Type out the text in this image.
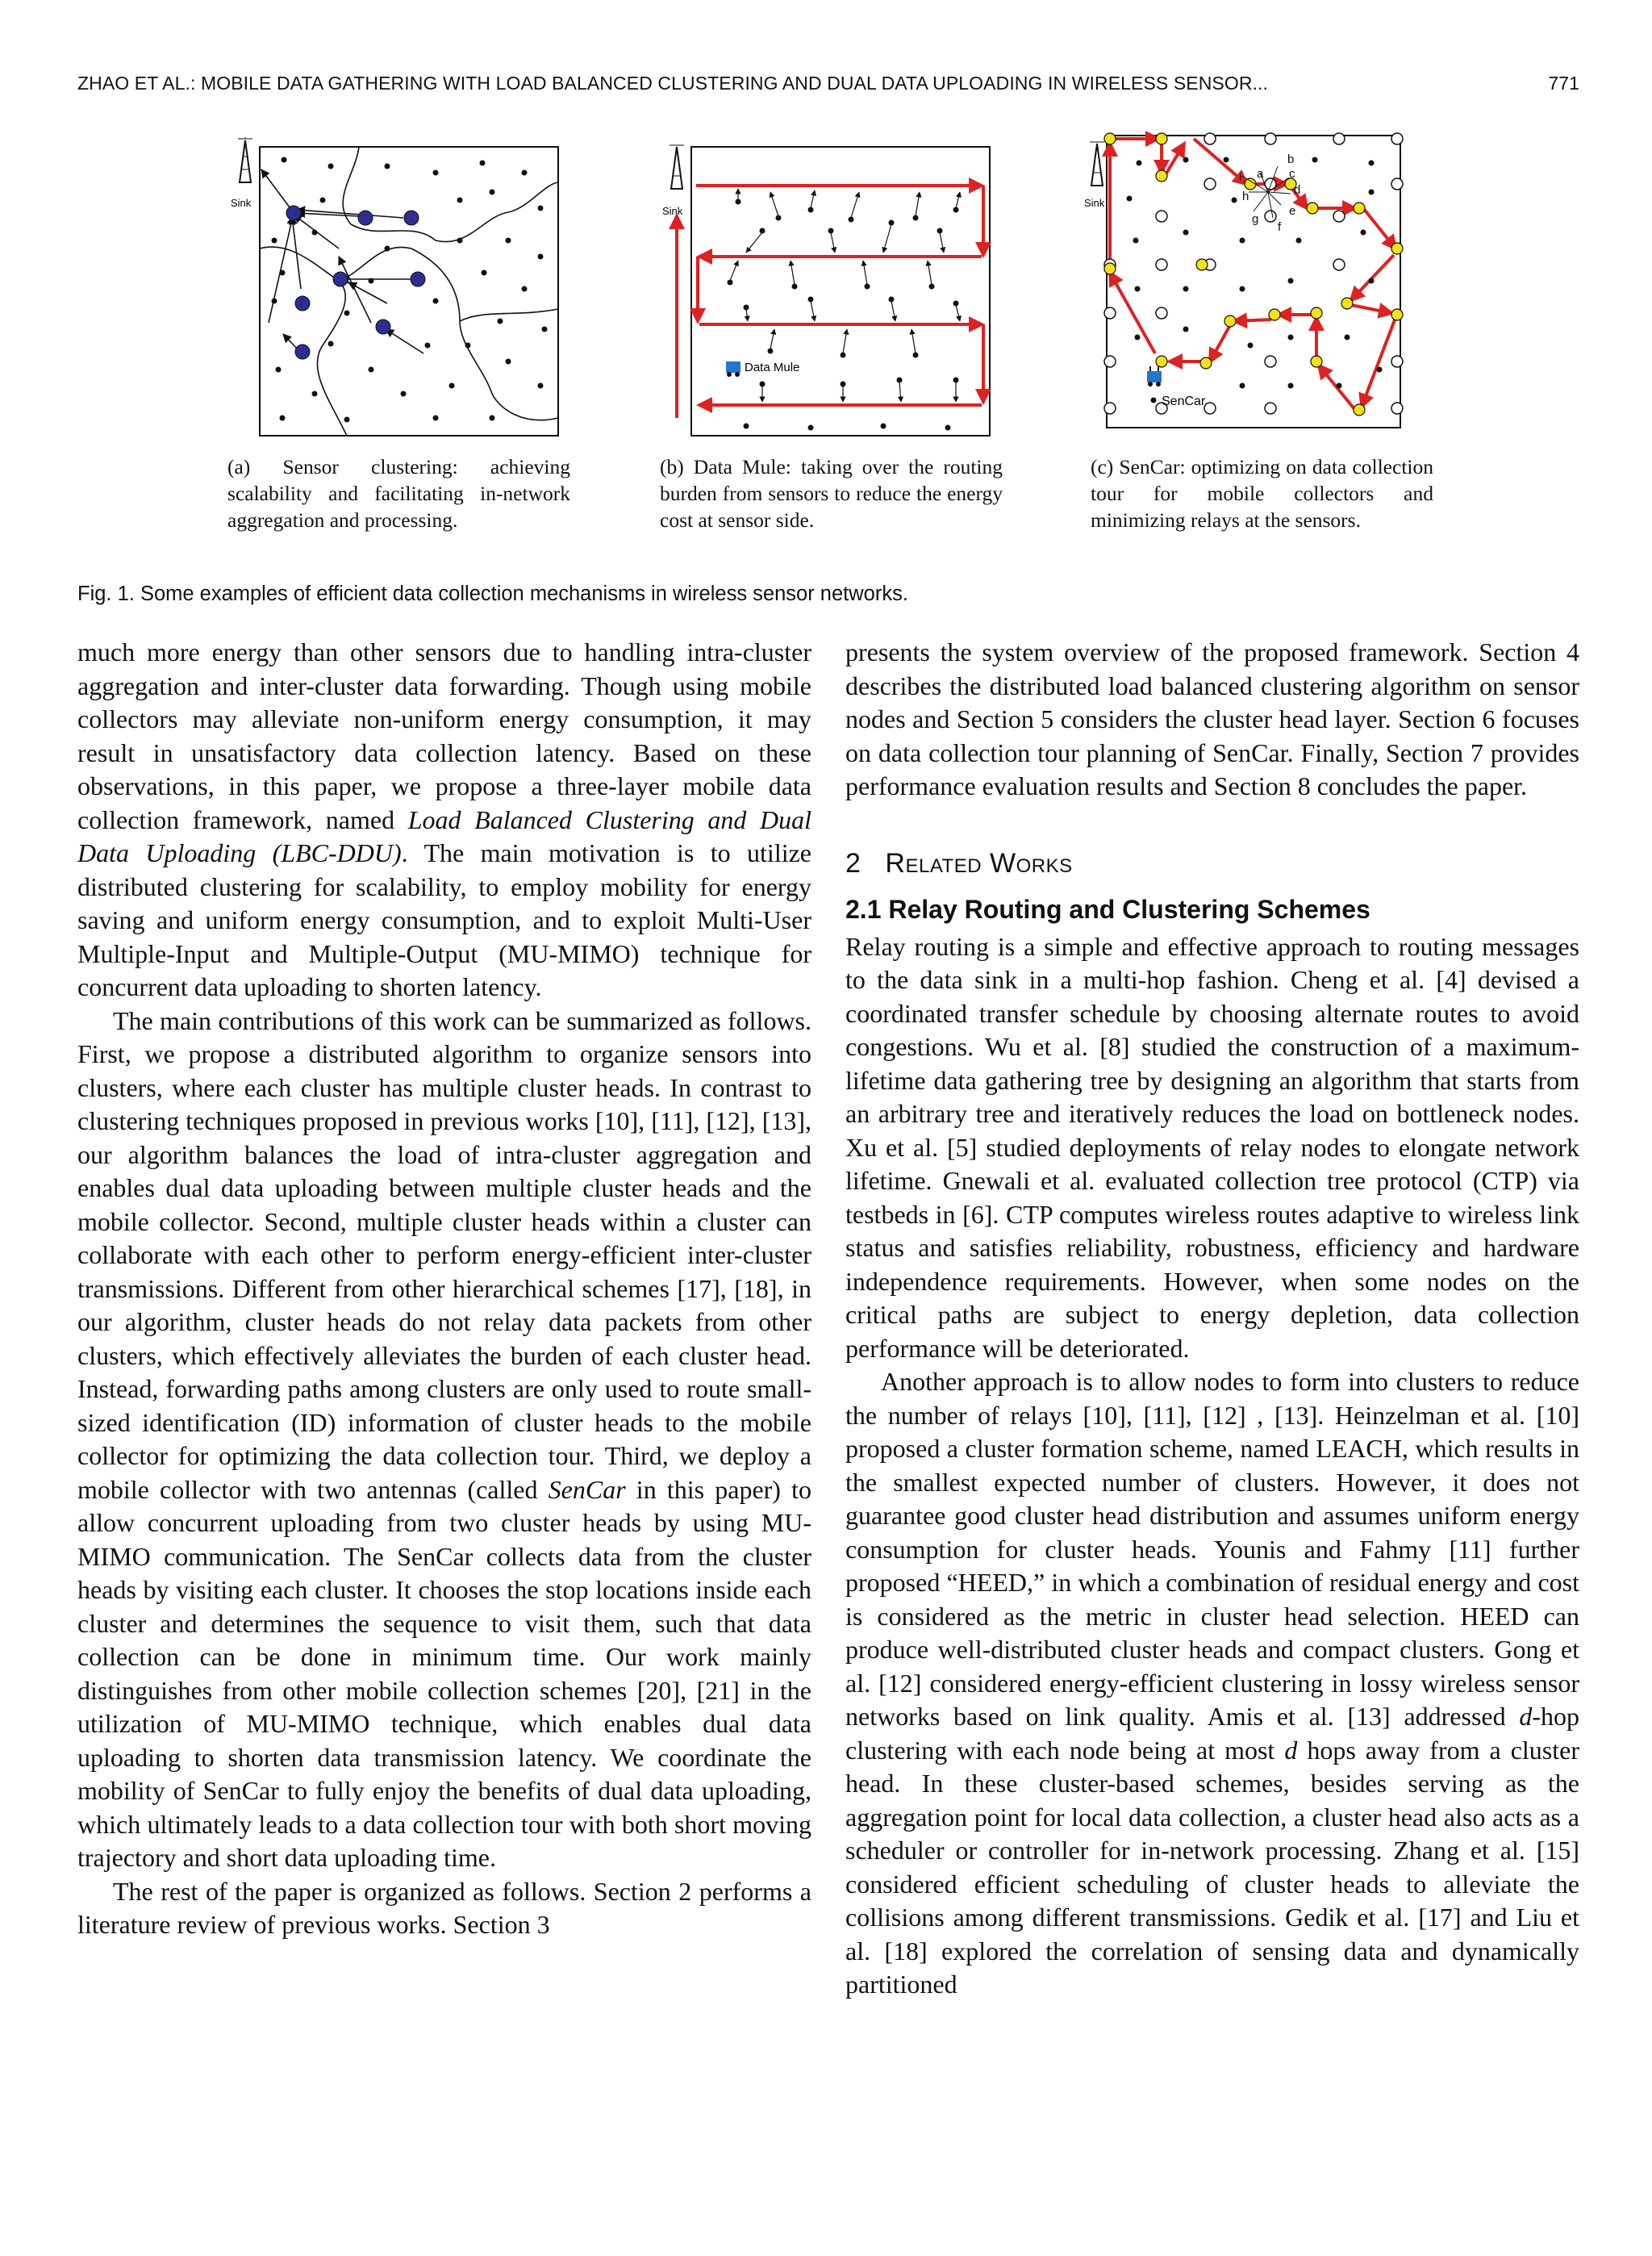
ZHAO ET AL.: MOBILE DATA GATHERING WITH LOAD BALANCED CLUSTERING AND DUAL DATA UPLOADING IN WIRELESS SENSOR...	771
Sink
Sink
Data Mule
Sink
a
b
c
d
e
f
g
h
i
SenCar
(a) Sensor clustering: achieving scalability and facilitating in-network aggregation and processing.
(b) Data Mule: taking over the routing burden from sensors to reduce the energy cost at sensor side.
(c) SenCar: optimizing on data collection tour for mobile collectors and minimizing relays at the sensors.
Fig. 1. Some examples of efficient data collection mechanisms in wireless sensor networks.

much more energy than other sensors due to handling intra-cluster aggregation and inter-cluster data forwarding. Though using mobile collectors may alleviate non-uniform energy consumption, it may result in unsatisfactory data collection latency. Based on these observations, in this paper, we propose a three-layer mobile data collection framework, named Load Balanced Clustering and Dual Data Uploading (LBC-DDU). The main motivation is to utilize distributed clustering for scalability, to employ mobility for energy saving and uniform energy consumption, and to exploit Multi-User Multiple-Input and Multiple-Output (MU-MIMO) technique for concurrent data uploading to shorten latency.

The main contributions of this work can be summarized as follows. First, we propose a distributed algorithm to organize sensors into clusters, where each cluster has multiple cluster heads. In contrast to clustering techniques proposed in previous works [10], [11], [12], [13], our algorithm balances the load of intra-cluster aggregation and enables dual data uploading between multiple cluster heads and the mobile collector. Second, multiple cluster heads within a cluster can collaborate with each other to perform energy-efficient inter-cluster transmissions. Different from other hierarchical schemes [17], [18], in our algorithm, cluster heads do not relay data packets from other clusters, which effectively alleviates the burden of each cluster head. Instead, forwarding paths among clusters are only used to route small-sized identification (ID) information of cluster heads to the mobile collector for optimizing the data collection tour. Third, we deploy a mobile collector with two antennas (called SenCar in this paper) to allow concurrent uploading from two cluster heads by using MU-MIMO communication. The SenCar collects data from the cluster heads by visiting each cluster. It chooses the stop locations inside each cluster and determines the sequence to visit them, such that data collection can be done in minimum time. Our work mainly distinguishes from other mobile collection schemes [20], [21] in the utilization of MU-MIMO technique, which enables dual data uploading to shorten data transmission latency. We coordinate the mobility of SenCar to fully enjoy the benefits of dual data uploading, which ultimately leads to a data collection tour with both short moving trajectory and short data uploading time.

The rest of the paper is organized as follows. Section 2 performs a literature review of previous works. Section 3

presents the system overview of the proposed framework. Section 4 describes the distributed load balanced clustering algorithm on sensor nodes and Section 5 considers the cluster head layer. Section 6 focuses on data collection tour planning of SenCar. Finally, Section 7 provides performance evaluation results and Section 8 concludes the paper.

2 Related Works
2.1 Relay Routing and Clustering Schemes

Relay routing is a simple and effective approach to routing messages to the data sink in a multi-hop fashion. Cheng et al. [4] devised a coordinated transfer schedule by choosing alternate routes to avoid congestions. Wu et al. [8] studied the construction of a maximum-lifetime data gathering tree by designing an algorithm that starts from an arbitrary tree and iteratively reduces the load on bottleneck nodes. Xu et al. [5] studied deployments of relay nodes to elongate network lifetime. Gnewali et al. evaluated collection tree protocol (CTP) via testbeds in [6]. CTP computes wireless routes adaptive to wireless link status and satisfies reliability, robustness, efficiency and hardware independence requirements. However, when some nodes on the critical paths are subject to energy depletion, data collection performance will be deteriorated.

Another approach is to allow nodes to form into clusters to reduce the number of relays [10], [11], [12] , [13]. Heinzelman et al. [10] proposed a cluster formation scheme, named LEACH, which results in the smallest expected number of clusters. However, it does not guarantee good cluster head distribution and assumes uniform energy consumption for cluster heads. Younis and Fahmy [11] further proposed “HEED,” in which a combination of residual energy and cost is considered as the metric in cluster head selection. HEED can produce well-distributed cluster heads and compact clusters. Gong et al. [12] considered energy-efficient clustering in lossy wireless sensor networks based on link quality. Amis et al. [13] addressed d-hop clustering with each node being at most d hops away from a cluster head. In these cluster-based schemes, besides serving as the aggregation point for local data collection, a cluster head also acts as a scheduler or controller for in-network processing. Zhang et al. [15] considered efficient scheduling of cluster heads to alleviate the collisions among different transmissions. Gedik et al. [17] and Liu et al. [18] explored the correlation of sensing data and dynamically partitioned
